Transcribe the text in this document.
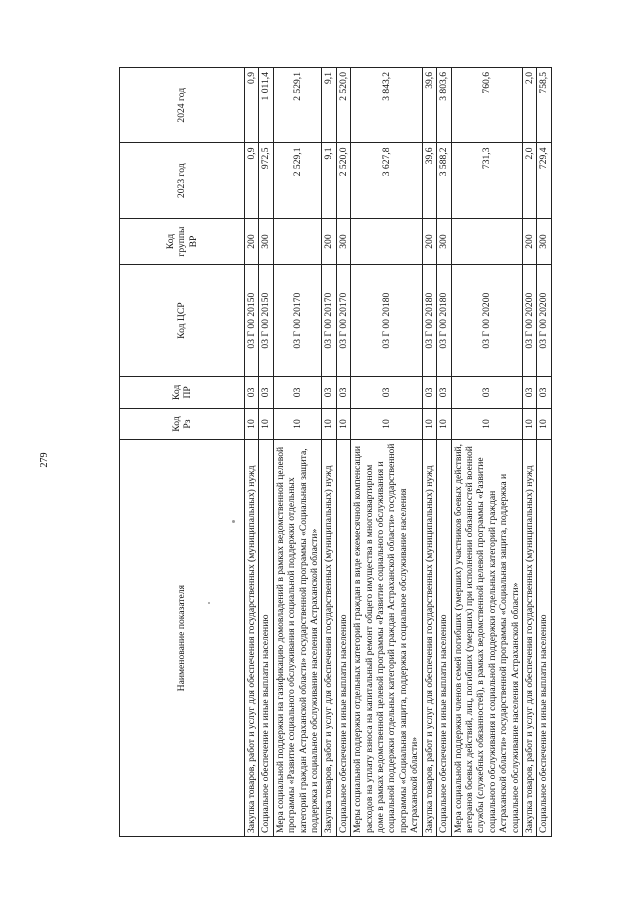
279
Наименование показателя	Код Рз	Код ПР	Код ЦСР	Код группы ВР	2023 год	2024 год
Закупка товаров, работ и услуг для обеспечения государственных (муниципальных) нужд	10	03	03 Г 00 20150	200	0,9	0,9
Социальное обеспечение и иные выплаты населению	10	03	03 Г 00 20150	300	972,5	1 011,4
Мера социальной поддержки на газификацию домовладений в рамках ведомственной целевой программы «Развитие социального обслуживания и социальной поддержки отдельных категорий граждан Астраханской области» государственной программы «Социальная защита, поддержка и социальное обслуживание населения Астраханской области»	10	03	03 Г 00 20170		2 529,1	2 529,1
Закупка товаров, работ и услуг для обеспечения государственных (муниципальных) нужд	10	03	03 Г 00 20170	200	9,1	9,1
Социальное обеспечение и иные выплаты населению	10	03	03 Г 00 20170	300	2 520,0	2 520,0
Меры социальной поддержки отдельных категорий граждан в виде ежемесячной компенсации расходов на уплату взноса на капитальный ремонт общего имущества в многоквартирном доме в рамках ведомственной целевой программы «Развитие социального обслуживания и социальной поддержки отдельных категорий граждан Астраханской области» государственной программы «Социальная защита, поддержка и социальное обслуживание населения Астраханской области»	10	03	03 Г 00 20180		3 627,8	3 843,2
Закупка товаров, работ и услуг для обеспечения государственных (муниципальных) нужд	10	03	03 Г 00 20180	200	39,6	39,6
Социальное обеспечение и иные выплаты населению	10	03	03 Г 00 20180	300	3 588,2	3 803,6
Мера социальной поддержки членов семей погибших (умерших) участников боевых действий, ветеранов боевых действий, лиц, погибших (умерших) при исполнении обязанностей военной службы (служебных обязанностей), в рамках ведомственной целевой программы «Развитие социального обслуживания и социальной поддержки отдельных категорий граждан Астраханской области» государственной программы «Социальная защита, поддержка и социальное обслуживание населения Астраханской области»	10	03	03 Г 00 20200		731,3	760,6
Закупка товаров, работ и услуг для обеспечения государственных (муниципальных) нужд	10	03	03 Г 00 20200	200	2,0	2,0
Социальное обеспечение и иные выплаты населению	10	03	03 Г 00 20200	300	729,4	758,5
